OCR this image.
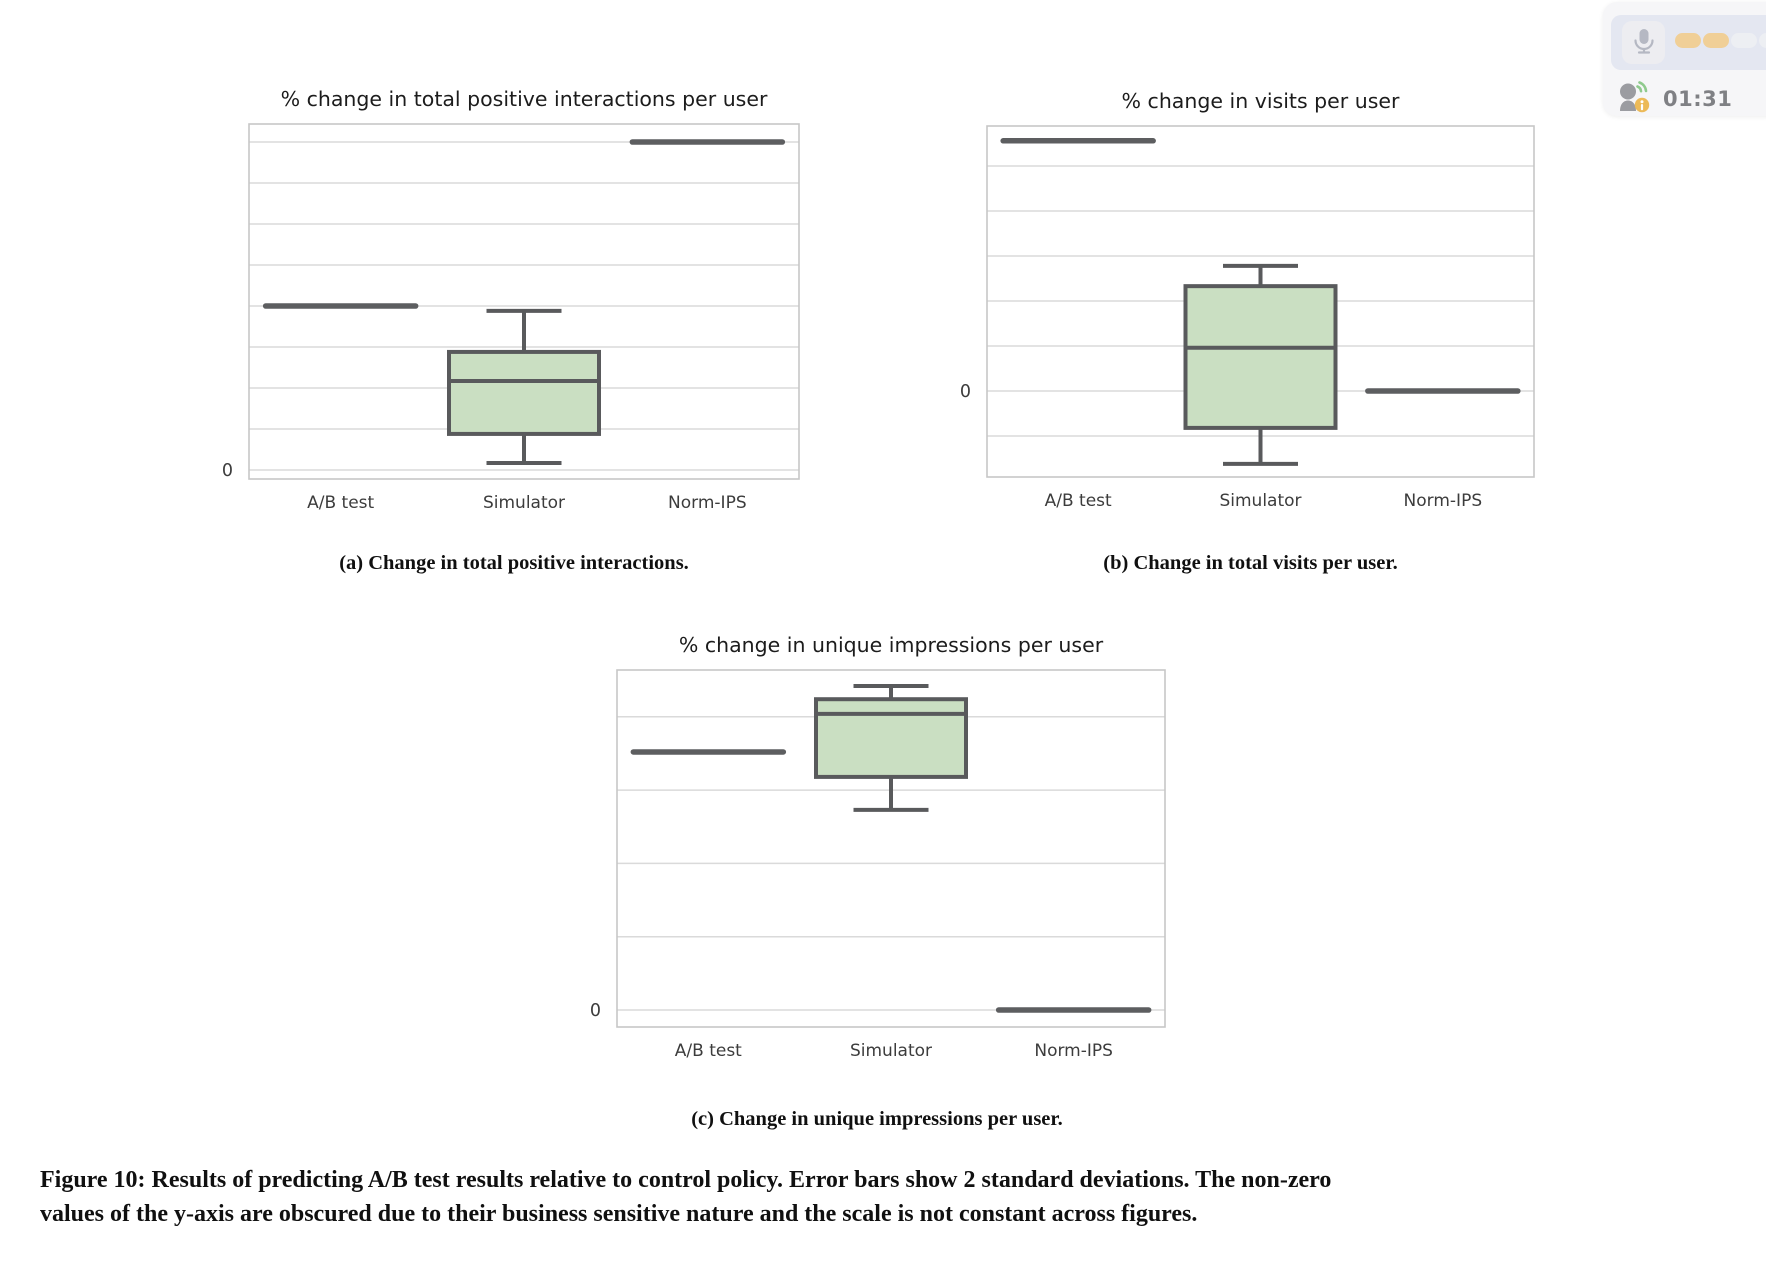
% change in total positive interactions per user
A/B test	Simulator	Norm-IPS
0
% change in visits per user
A/B test	Simulator	Norm-IPS
0
% change in unique impressions per user
A/B test	Simulator	Norm-IPS
0
(a) Change in total positive interactions.	(b) Change in total visits per user.
(c) Change in unique impressions per user.
Figure 10: Results of predicting A/B test results relative to control policy. Error bars show 2 standard deviations. The non-zero
values of the y-axis are obscured due to their business sensitive nature and the scale is not constant across figures.
01:31
